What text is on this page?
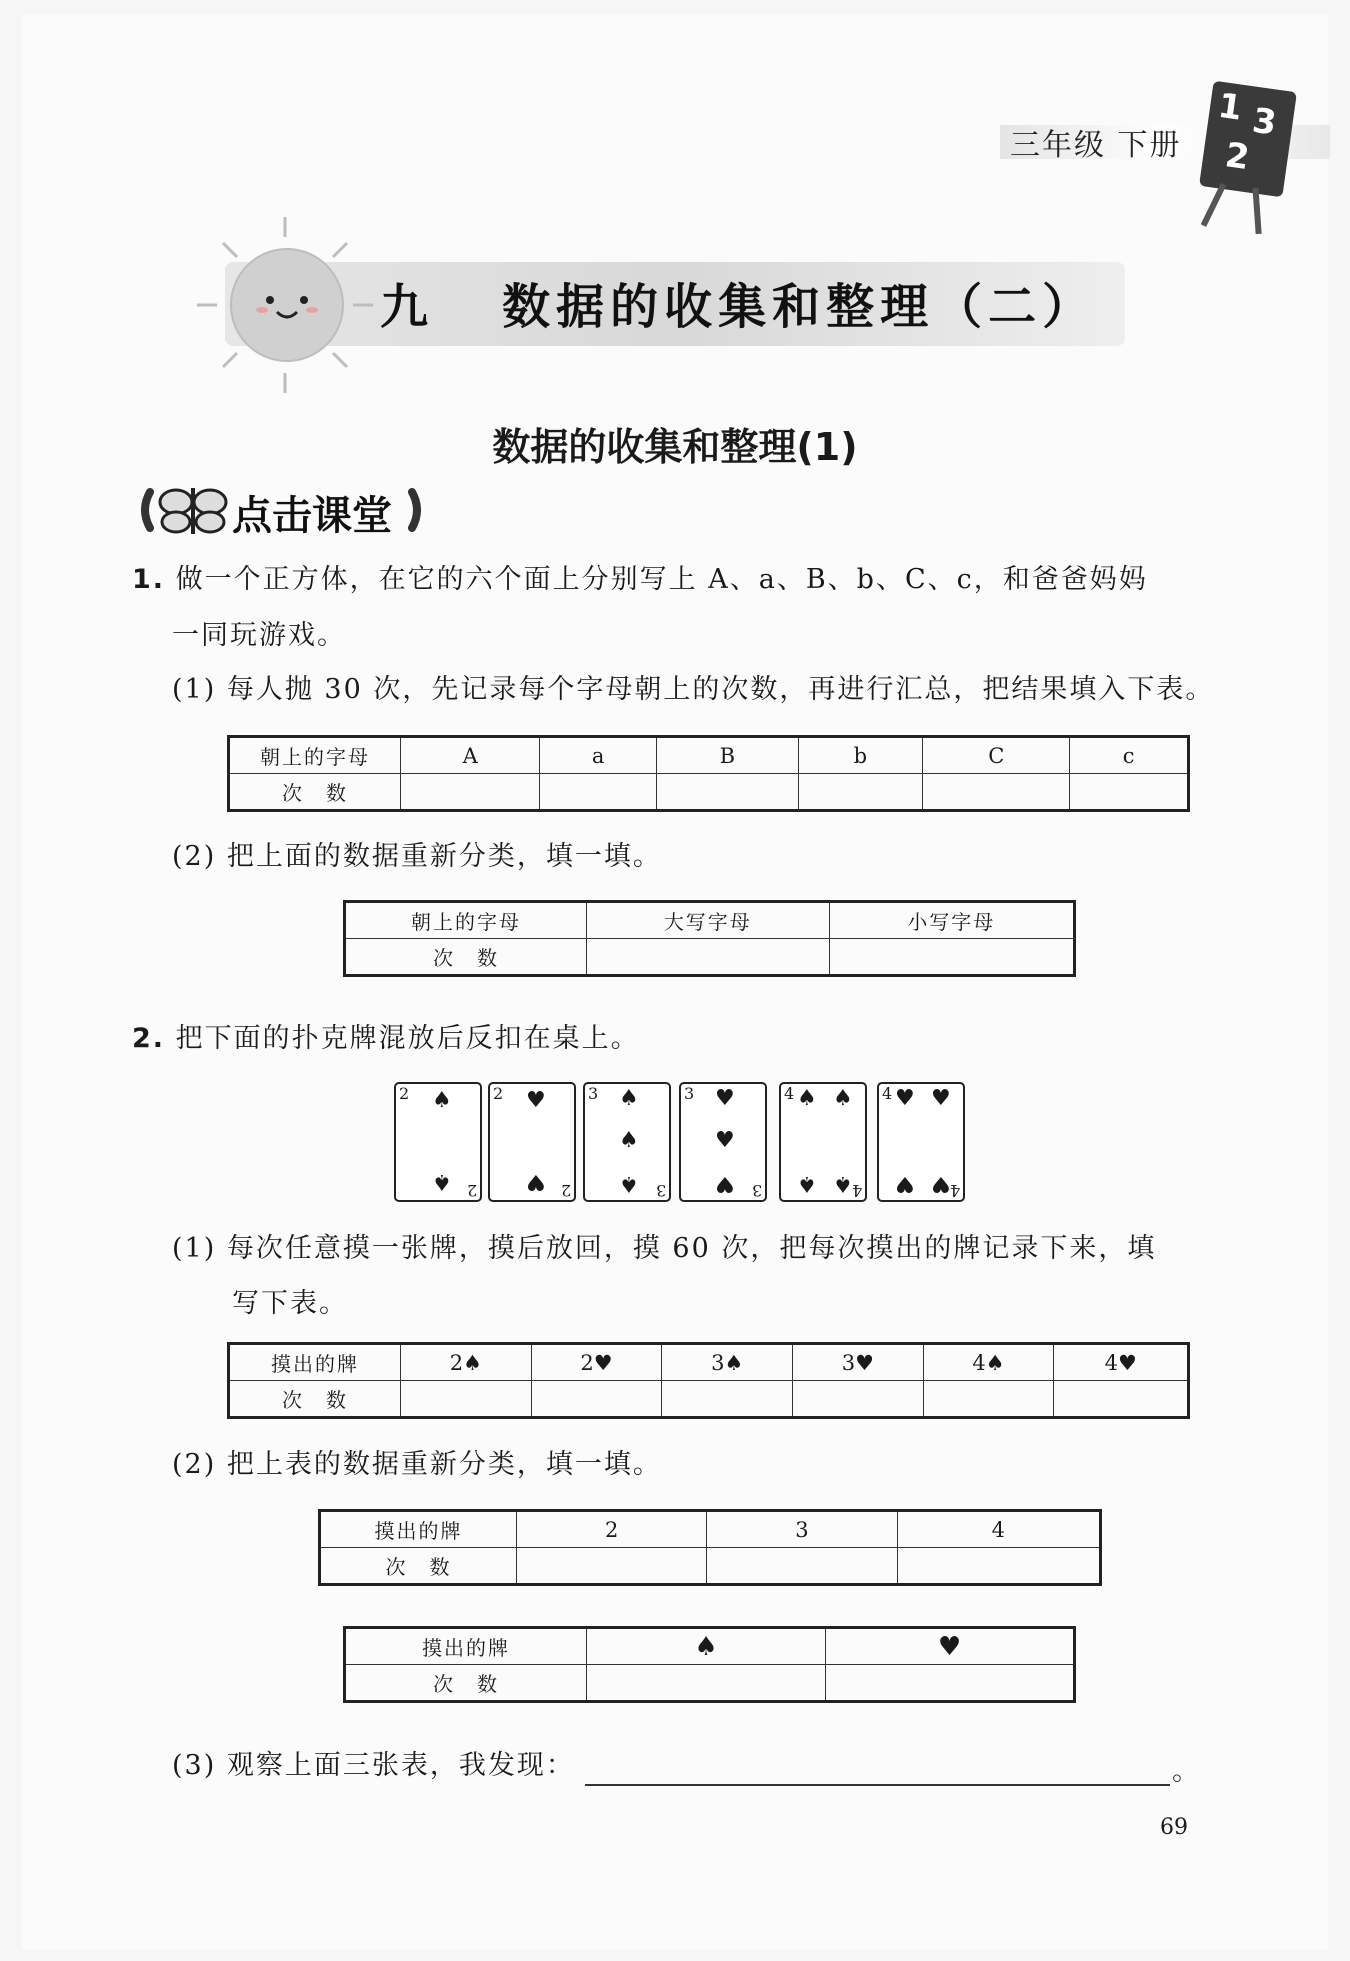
三年级 下册
1 3
2
九 数据的收集和整理（二）
数据的收集和整理(1)
点击课堂
1. 做一个正方体，在它的六个面上分别写上 A、a、B、b、C、c，和爸爸妈妈
一同玩游戏。
(1) 每人抛 30 次，先记录每个字母朝上的次数，再进行汇总，把结果填入下表。
朝上的字母	A	a	B	b	C	c
次　数						
(2) 把上面的数据重新分类，填一填。
朝上的字母	大写字母	小写字母
次　数		
2. 把下面的扑克牌混放后反扣在桌上。
2 ♠
♠ 2
2 ♥
♥ 2
3 ♠
♠
♠ 3
3 ♥
♥
♥ 3
4 ♠ ♠
♠ ♠ 4
4 ♥ ♥
♥ ♥ 4
(1) 每次任意摸一张牌，摸后放回，摸 60 次，把每次摸出的牌记录下来，填
写下表。
摸出的牌	2♠	2♥	3♠	3♥	4♠	4♥
次　数						
(2) 把上表的数据重新分类，填一填。
摸出的牌	2	3	4
次　数			
摸出的牌	♠	♥
次　数		
(3) 观察上面三张表，我发现：	。
69
